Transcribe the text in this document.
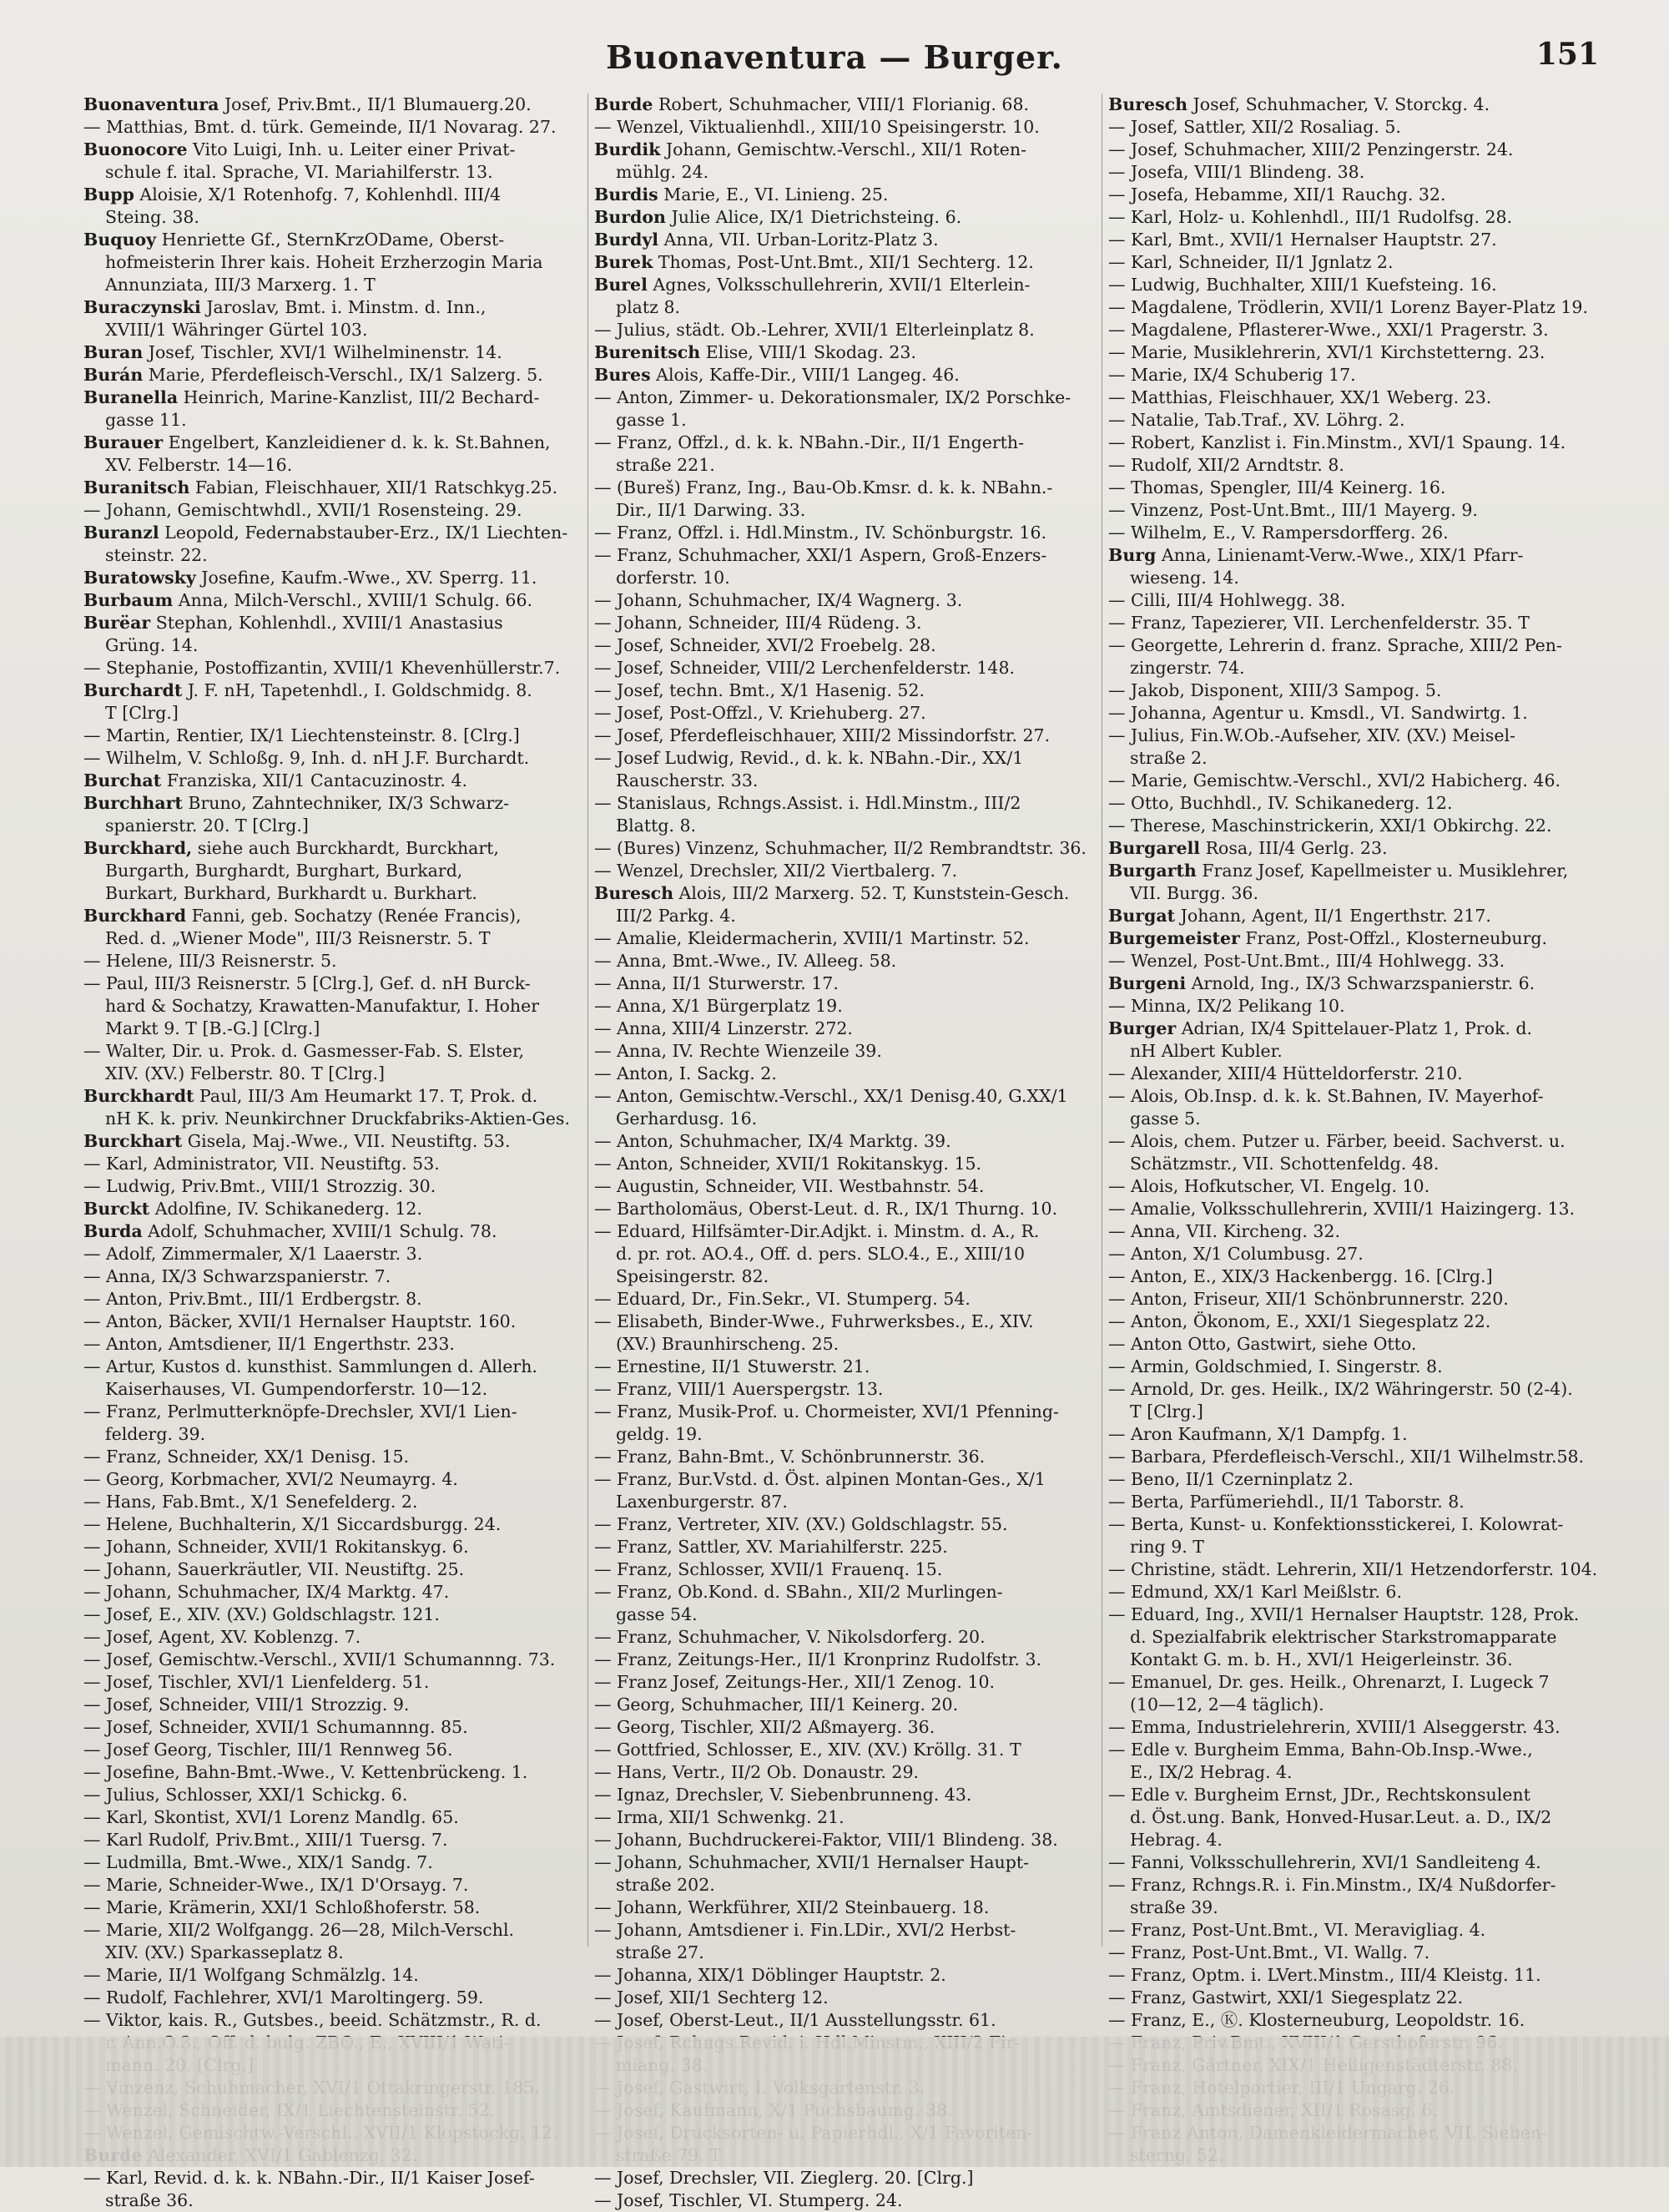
Buonaventura — Burger.	151
Buonaventura Josef, Priv.Bmt., II/1 Blumauerg.20.
— Matthias, Bmt. d. türk. Gemeinde, II/1 Novarag. 27.
Buonocore Vito Luigi, Inh. u. Leiter einer Privat-
schule f. ital. Sprache, VI. Mariahilferstr. 13.
Bupp Aloisie, X/1 Rotenhofg. 7, Kohlenhdl. III/4
Steing. 38.
Buquoy Henriette Gf., SternKrzODame, Oberst-
hofmeisterin Ihrer kais. Hoheit Erzherzogin Maria
Annunziata, III/3 Marxerg. 1. T
Buraczynski Jaroslav, Bmt. i. Minstm. d. Inn.,
XVIII/1 Währinger Gürtel 103.
Buran Josef, Tischler, XVI/1 Wilhelminenstr. 14.
Burán Marie, Pferdefleisch-Verschl., IX/1 Salzerg. 5.
Buranella Heinrich, Marine-Kanzlist, III/2 Bechard-
gasse 11.
Burauer Engelbert, Kanzleidiener d. k. k. St.Bahnen,
XV. Felberstr. 14—16.
Buranitsch Fabian, Fleischhauer, XII/1 Ratschkyg.25.
— Johann, Gemischtwhdl., XVII/1 Rosensteing. 29.
Buranzl Leopold, Federnabstauber-Erz., IX/1 Liechten-
steinstr. 22.
Buratowsky Josefine, Kaufm.-Wwe., XV. Sperrg. 11.
Burbaum Anna, Milch-Verschl., XVIII/1 Schulg. 66.
Burëar Stephan, Kohlenhdl., XVIII/1 Anastasius
Grüng. 14.
— Stephanie, Postoffizantin, XVIII/1 Khevenhüllerstr.7.
Burchardt J. F. nH, Tapetenhdl., I. Goldschmidg. 8.
T [Clrg.]
— Martin, Rentier, IX/1 Liechtensteinstr. 8. [Clrg.]
— Wilhelm, V. Schloßg. 9, Inh. d. nH J.F. Burchardt.
Burchat Franziska, XII/1 Cantacuzinostr. 4.
Burchhart Bruno, Zahntechniker, IX/3 Schwarz-
spanierstr. 20. T [Clrg.]
Burckhard, siehe auch Burckhardt, Burckhart,
Burgarth, Burghardt, Burghart, Burkard,
Burkart, Burkhard, Burkhardt u. Burkhart.
Burckhard Fanni, geb. Sochatzy (Renée Francis),
Red. d. „Wiener Mode", III/3 Reisnerstr. 5. T
— Helene, III/3 Reisnerstr. 5.
— Paul, III/3 Reisnerstr. 5 [Clrg.], Gef. d. nH Burck-
hard & Sochatzy, Krawatten-Manufaktur, I. Hoher
Markt 9. T [B.-G.] [Clrg.]
— Walter, Dir. u. Prok. d. Gasmesser-Fab. S. Elster,
XIV. (XV.) Felberstr. 80. T [Clrg.]
Burckhardt Paul, III/3 Am Heumarkt 17. T, Prok. d.
nH K. k. priv. Neunkirchner Druckfabriks-Aktien-Ges.
Burckhart Gisela, Maj.-Wwe., VII. Neustiftg. 53.
— Karl, Administrator, VII. Neustiftg. 53.
— Ludwig, Priv.Bmt., VIII/1 Strozzig. 30.
Burckt Adolfine, IV. Schikanederg. 12.
Burda Adolf, Schuhmacher, XVIII/1 Schulg. 78.
— Adolf, Zimmermaler, X/1 Laaerstr. 3.
— Anna, IX/3 Schwarzspanierstr. 7.
— Anton, Priv.Bmt., III/1 Erdbergstr. 8.
— Anton, Bäcker, XVII/1 Hernalser Hauptstr. 160.
— Anton, Amtsdiener, II/1 Engerthstr. 233.
— Artur, Kustos d. kunsthist. Sammlungen d. Allerh.
Kaiserhauses, VI. Gumpendorferstr. 10—12.
— Franz, Perlmutterknöpfe-Drechsler, XVI/1 Lien-
felderg. 39.
— Franz, Schneider, XX/1 Denisg. 15.
— Georg, Korbmacher, XVI/2 Neumayrg. 4.
— Hans, Fab.Bmt., X/1 Senefelderg. 2.
— Helene, Buchhalterin, X/1 Siccardsburgg. 24.
— Johann, Schneider, XVII/1 Rokitanskyg. 6.
— Johann, Sauerkräutler, VII. Neustiftg. 25.
— Johann, Schuhmacher, IX/4 Marktg. 47.
— Josef, E., XIV. (XV.) Goldschlagstr. 121.
— Josef, Agent, XV. Koblenzg. 7.
— Josef, Gemischtw.-Verschl., XVII/1 Schumannng. 73.
— Josef, Tischler, XVI/1 Lienfelderg. 51.
— Josef, Schneider, VIII/1 Strozzig. 9.
— Josef, Schneider, XVII/1 Schumannng. 85.
— Josef Georg, Tischler, III/1 Rennweg 56.
— Josefine, Bahn-Bmt.-Wwe., V. Kettenbrückeng. 1.
— Julius, Schlosser, XXI/1 Schickg. 6.
— Karl, Skontist, XVI/1 Lorenz Mandlg. 65.
— Karl Rudolf, Priv.Bmt., XIII/1 Tuersg. 7.
— Ludmilla, Bmt.-Wwe., XIX/1 Sandg. 7.
— Marie, Schneider-Wwe., IX/1 D'Orsayg. 7.
— Marie, Krämerin, XXI/1 Schloßhoferstr. 58.
— Marie, XII/2 Wolfgangg. 26—28, Milch-Verschl.
XIV. (XV.) Sparkasseplatz 8.
— Marie, II/1 Wolfgang Schmälzlg. 14.
— Rudolf, Fachlehrer, XVI/1 Maroltingerg. 59.
— Viktor, kais. R., Gutsbes., beeid. Schätzmstr., R. d.
— Karl, Revid. d. k. k. NBahn.-Dir., II/1 Kaiser Josef-
straße 36.
Burde Robert, Schuhmacher, VIII/1 Florianig. 68.
— Wenzel, Viktualienhdl., XIII/10 Speisingerstr. 10.
Burdik Johann, Gemischtw.-Verschl., XII/1 Roten-
mühlg. 24.
Burdis Marie, E., VI. Linieng. 25.
Burdon Julie Alice, IX/1 Dietrichsteing. 6.
Burdyl Anna, VII. Urban-Loritz-Platz 3.
Burek Thomas, Post-Unt.Bmt., XII/1 Sechterg. 12.
Burel Agnes, Volksschullehrerin, XVII/1 Elterlein-
platz 8.
— Julius, städt. Ob.-Lehrer, XVII/1 Elterleinplatz 8.
Burenitsch Elise, VIII/1 Skodag. 23.
Bures Alois, Kaffe-Dir., VIII/1 Langeg. 46.
— Anton, Zimmer- u. Dekorationsmaler, IX/2 Porschke-
gasse 1.
— Franz, Offzl., d. k. k. NBahn.-Dir., II/1 Engerth-
straße 221.
— (Bureš) Franz, Ing., Bau-Ob.Kmsr. d. k. k. NBahn.-
Dir., II/1 Darwing. 33.
— Franz, Offzl. i. Hdl.Minstm., IV. Schönburgstr. 16.
— Franz, Schuhmacher, XXI/1 Aspern, Groß-Enzers-
dorferstr. 10.
— Johann, Schuhmacher, IX/4 Wagnerg. 3.
— Johann, Schneider, III/4 Rüdeng. 3.
— Josef, Schneider, XVI/2 Froebelg. 28.
— Josef, Schneider, VIII/2 Lerchenfelderstr. 148.
— Josef, techn. Bmt., X/1 Hasenig. 52.
— Josef, Post-Offzl., V. Kriehuberg. 27.
— Josef, Pferdefleischhauer, XIII/2 Missindorfstr. 27.
— Josef Ludwig, Revid., d. k. k. NBahn.-Dir., XX/1
Rauscherstr. 33.
— Stanislaus, Rchngs.Assist. i. Hdl.Minstm., III/2
Blattg. 8.
— (Bures) Vinzenz, Schuhmacher, II/2 Rembrandtstr. 36.
— Wenzel, Drechsler, XII/2 Viertbalerg. 7.
Buresch Alois, III/2 Marxerg. 52. T, Kunststein-Gesch.
III/2 Parkg. 4.
— Amalie, Kleidermacherin, XVIII/1 Martinstr. 52.
— Anna, Bmt.-Wwe., IV. Alleeg. 58.
— Anna, II/1 Sturwerstr. 17.
— Anna, X/1 Bürgerplatz 19.
— Anna, XIII/4 Linzerstr. 272.
— Anna, IV. Rechte Wienzeile 39.
— Anton, I. Sackg. 2.
— Anton, Gemischtw.-Verschl., XX/1 Denisg.40, G.XX/1
Gerhardusg. 16.
— Anton, Schuhmacher, IX/4 Marktg. 39.
— Anton, Schneider, XVII/1 Rokitanskyg. 15.
— Augustin, Schneider, VII. Westbahnstr. 54.
— Bartholomäus, Oberst-Leut. d. R., IX/1 Thurng. 10.
— Eduard, Hilfsämter-Dir.Adjkt. i. Minstm. d. A., R.
d. pr. rot. AO.4., Off. d. pers. SLO.4., E., XIII/10
Speisingerstr. 82.
— Eduard, Dr., Fin.Sekr., VI. Stumperg. 54.
— Elisabeth, Binder-Wwe., Fuhrwerksbes., E., XIV.
(XV.) Braunhirscheng. 25.
— Ernestine, II/1 Stuwerstr. 21.
— Franz, VIII/1 Auerspergstr. 13.
— Franz, Musik-Prof. u. Chormeister, XVI/1 Pfenning-
geldg. 19.
— Franz, Bahn-Bmt., V. Schönbrunnerstr. 36.
— Franz, Bur.Vstd. d. Öst. alpinen Montan-Ges., X/1
Laxenburgerstr. 87.
— Franz, Vertreter, XIV. (XV.) Goldschlagstr. 55.
— Franz, Sattler, XV. Mariahilferstr. 225.
— Franz, Schlosser, XVII/1 Frauenq. 15.
— Franz, Ob.Kond. d. SBahn., XII/2 Murlingen-
gasse 54.
— Franz, Schuhmacher, V. Nikolsdorferg. 20.
— Franz, Zeitungs-Her., II/1 Kronprinz Rudolfstr. 3.
— Franz Josef, Zeitungs-Her., XII/1 Zenog. 10.
— Georg, Schuhmacher, III/1 Keinerg. 20.
— Georg, Tischler, XII/2 Aßmayerg. 36.
— Gottfried, Schlosser, E., XIV. (XV.) Kröllg. 31. T
— Hans, Vertr., II/2 Ob. Donaustr. 29.
— Ignaz, Drechsler, V. Siebenbrunneng. 43.
— Irma, XII/1 Schwenkg. 21.
— Johann, Buchdruckerei-Faktor, VIII/1 Blindeng. 38.
— Johann, Schuhmacher, XVII/1 Hernalser Haupt-
straße 202.
— Johann, Werkführer, XII/2 Steinbauerg. 18.
— Johann, Amtsdiener i. Fin.LDir., XVI/2 Herbst-
straße 27.
— Johanna, XIX/1 Döblinger Hauptstr. 2.
— Josef, XII/1 Sechterg 12.
— Josef, Oberst-Leut., II/1 Ausstellungsstr. 61.
— Josef, Drechsler, VII. Zieglerg. 20. [Clrg.]
— Josef, Tischler, VI. Stumperg. 24.
Buresch Josef, Schuhmacher, V. Storckg. 4.
— Josef, Sattler, XII/2 Rosaliag. 5.
— Josef, Schuhmacher, XIII/2 Penzingerstr. 24.
— Josefa, VIII/1 Blindeng. 38.
— Josefa, Hebamme, XII/1 Rauchg. 32.
— Karl, Holz- u. Kohlenhdl., III/1 Rudolfsg. 28.
— Karl, Bmt., XVII/1 Hernalser Hauptstr. 27.
— Karl, Schneider, II/1 Jgnlatz 2.
— Ludwig, Buchhalter, XIII/1 Kuefsteing. 16.
— Magdalene, Trödlerin, XVII/1 Lorenz Bayer-Platz 19.
— Magdalene, Pflasterer-Wwe., XXI/1 Pragerstr. 3.
— Marie, Musiklehrerin, XVI/1 Kirchstetterng. 23.
— Marie, IX/4 Schuberig 17.
— Matthias, Fleischhauer, XX/1 Weberg. 23.
— Natalie, Tab.Traf., XV. Löhrg. 2.
— Robert, Kanzlist i. Fin.Minstm., XVI/1 Spaung. 14.
— Rudolf, XII/2 Arndtstr. 8.
— Thomas, Spengler, III/4 Keinerg. 16.
— Vinzenz, Post-Unt.Bmt., III/1 Mayerg. 9.
— Wilhelm, E., V. Rampersdorfferg. 26.
Burg Anna, Linienamt-Verw.-Wwe., XIX/1 Pfarr-
wieseng. 14.
— Cilli, III/4 Hohlwegg. 38.
— Franz, Tapezierer, VII. Lerchenfelderstr. 35. T
— Georgette, Lehrerin d. franz. Sprache, XIII/2 Pen-
zingerstr. 74.
— Jakob, Disponent, XIII/3 Sampog. 5.
— Johanna, Agentur u. Kmsdl., VI. Sandwirtg. 1.
— Julius, Fin.W.Ob.-Aufseher, XIV. (XV.) Meisel-
straße 2.
— Marie, Gemischtw.-Verschl., XVI/2 Habicherg. 46.
— Otto, Buchhdl., IV. Schikanederg. 12.
— Therese, Maschinstrickerin, XXI/1 Obkirchg. 22.
Burgarell Rosa, III/4 Gerlg. 23.
Burgarth Franz Josef, Kapellmeister u. Musiklehrer,
VII. Burgg. 36.
Burgat Johann, Agent, II/1 Engerthstr. 217.
Burgemeister Franz, Post-Offzl., Klosterneuburg.
— Wenzel, Post-Unt.Bmt., III/4 Hohlwegg. 33.
Burgeni Arnold, Ing., IX/3 Schwarzspanierstr. 6.
— Minna, IX/2 Pelikang 10.
Burger Adrian, IX/4 Spittelauer-Platz 1, Prok. d.
nH Albert Kubler.
— Alexander, XIII/4 Hütteldorferstr. 210.
— Alois, Ob.Insp. d. k. k. St.Bahnen, IV. Mayerhof-
gasse 5.
— Alois, chem. Putzer u. Färber, beeid. Sachverst. u.
Schätzmstr., VII. Schottenfeldg. 48.
— Alois, Hofkutscher, VI. Engelg. 10.
— Amalie, Volksschullehrerin, XVIII/1 Haizingerg. 13.
— Anna, VII. Kircheng. 32.
— Anton, X/1 Columbusg. 27.
— Anton, E., XIX/3 Hackenbergg. 16. [Clrg.]
— Anton, Friseur, XII/1 Schönbrunnerstr. 220.
— Anton, Ökonom, E., XXI/1 Siegesplatz 22.
— Anton Otto, Gastwirt, siehe Otto.
— Armin, Goldschmied, I. Singerstr. 8.
— Arnold, Dr. ges. Heilk., IX/2 Währingerstr. 50 (2-4).
T [Clrg.]
— Aron Kaufmann, X/1 Dampfg. 1.
— Barbara, Pferdefleisch-Verschl., XII/1 Wilhelmstr.58.
— Beno, II/1 Czerninplatz 2.
— Berta, Parfümeriehdl., II/1 Taborstr. 8.
— Berta, Kunst- u. Konfektionsstickerei, I. Kolowrat-
ring 9. T
— Christine, städt. Lehrerin, XII/1 Hetzendorferstr. 104.
— Edmund, XX/1 Karl Meißlstr. 6.
— Eduard, Ing., XVII/1 Hernalser Hauptstr. 128, Prok.
d. Spezialfabrik elektrischer Starkstromapparate
Kontakt G. m. b. H., XVI/1 Heigerleinstr. 36.
— Emanuel, Dr. ges. Heilk., Ohrenarzt, I. Lugeck 7
(10—12, 2—4 täglich).
— Emma, Industrielehrerin, XVIII/1 Alseggerstr. 43.
— Edle v. Burgheim Emma, Bahn-Ob.Insp.-Wwe.,
E., IX/2 Hebrag. 4.
— Edle v. Burgheim Ernst, JDr., Rechtskonsulent
d. Öst.ung. Bank, Honved-Husar.Leut. a. D., IX/2
Hebrag. 4.
— Fanni, Volksschullehrerin, XVI/1 Sandleiteng 4.
— Franz, Rchngs.R. i. Fin.Minstm., IX/4 Nußdorfer-
straße 39.
— Franz, Post-Unt.Bmt., VI. Meravigliag. 4.
— Franz, Post-Unt.Bmt., VI. Wallg. 7.
— Franz, Optm. i. LVert.Minstm., III/4 Kleistg. 11.
— Franz, Gastwirt, XXI/1 Siegesplatz 22.
— Franz, E., Ⓚ. Klosterneuburg, Leopoldstr. 16.
